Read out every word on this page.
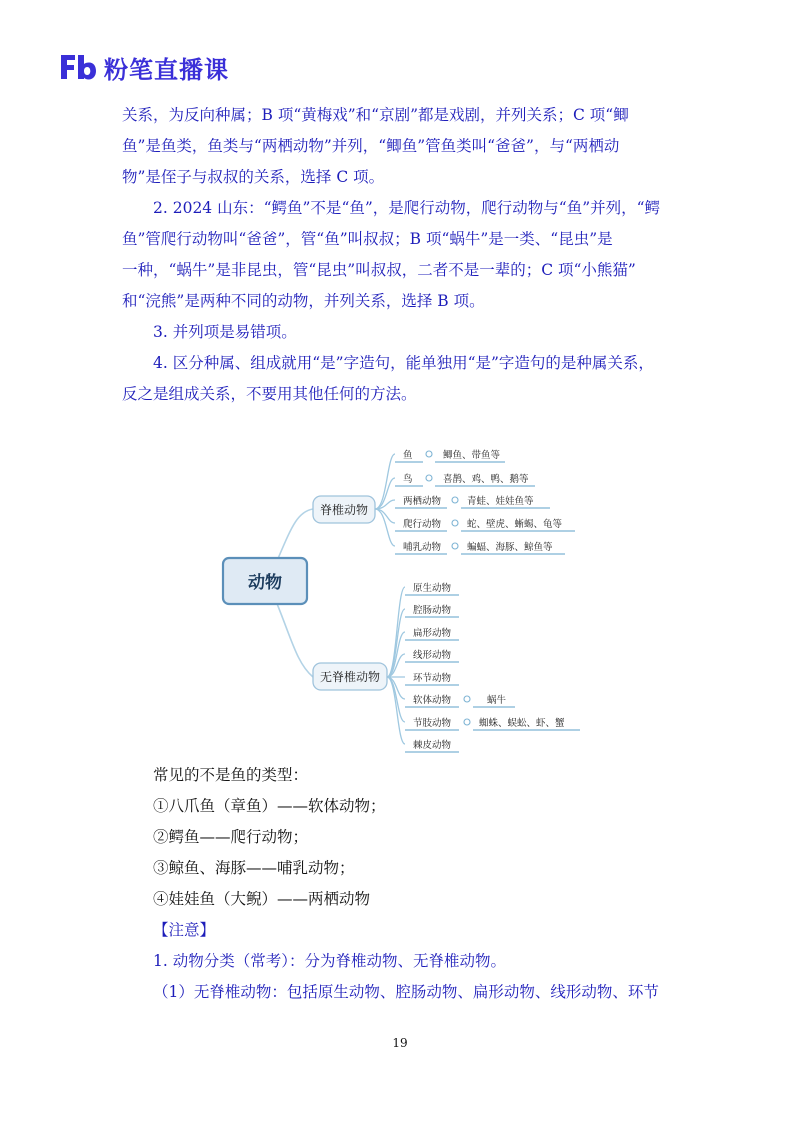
粉笔直播课

关系，为反向种属；B 项“黄梅戏”和“京剧”都是戏剧，并列关系；C 项“鲫
鱼”是鱼类，鱼类与“两栖动物”并列，“鲫鱼”管鱼类叫“爸爸”，与“两栖动
物”是侄子与叔叔的关系，选择 C 项。

2. 2024 山东：“鳄鱼”不是“鱼”，是爬行动物，爬行动物与“鱼”并列，“鳄
鱼”管爬行动物叫“爸爸”，管“鱼”叫叔叔；B 项“蜗牛”是一类、“昆虫”是
一种，“蜗牛”是非昆虫，管“昆虫”叫叔叔，二者不是一辈的；C 项“小熊猫”
和“浣熊”是两种不同的动物，并列关系，选择 B 项。

3. 并列项是易错项。

4. 区分种属、组成就用“是”字造句，能单独用“是”字造句的是种属关系，
反之是组成关系，不要用其他任何的方法。

动物
脊椎动物
无脊椎动物
鱼
鸟
两栖动物
爬行动物
哺乳动物
鲫鱼、带鱼等
喜鹊、鸡、鸭、鹅等
青蛙、娃娃鱼等
蛇、壁虎、蜥蜴、龟等
蝙蝠、海豚、鲸鱼等
原生动物
腔肠动物
扁形动物
线形动物
环节动物
软体动物
节肢动物
棘皮动物
蜗牛
蜘蛛、蜈蚣、虾、蟹

常见的不是鱼的类型：
①八爪鱼（章鱼）——软体动物；
②鳄鱼——爬行动物；
③鲸鱼、海豚——哺乳动物；
④娃娃鱼（大鲵）——两栖动物

【注意】
1. 动物分类（常考）：分为脊椎动物、无脊椎动物。
（1）无脊椎动物：包括原生动物、腔肠动物、扁形动物、线形动物、环节

19
